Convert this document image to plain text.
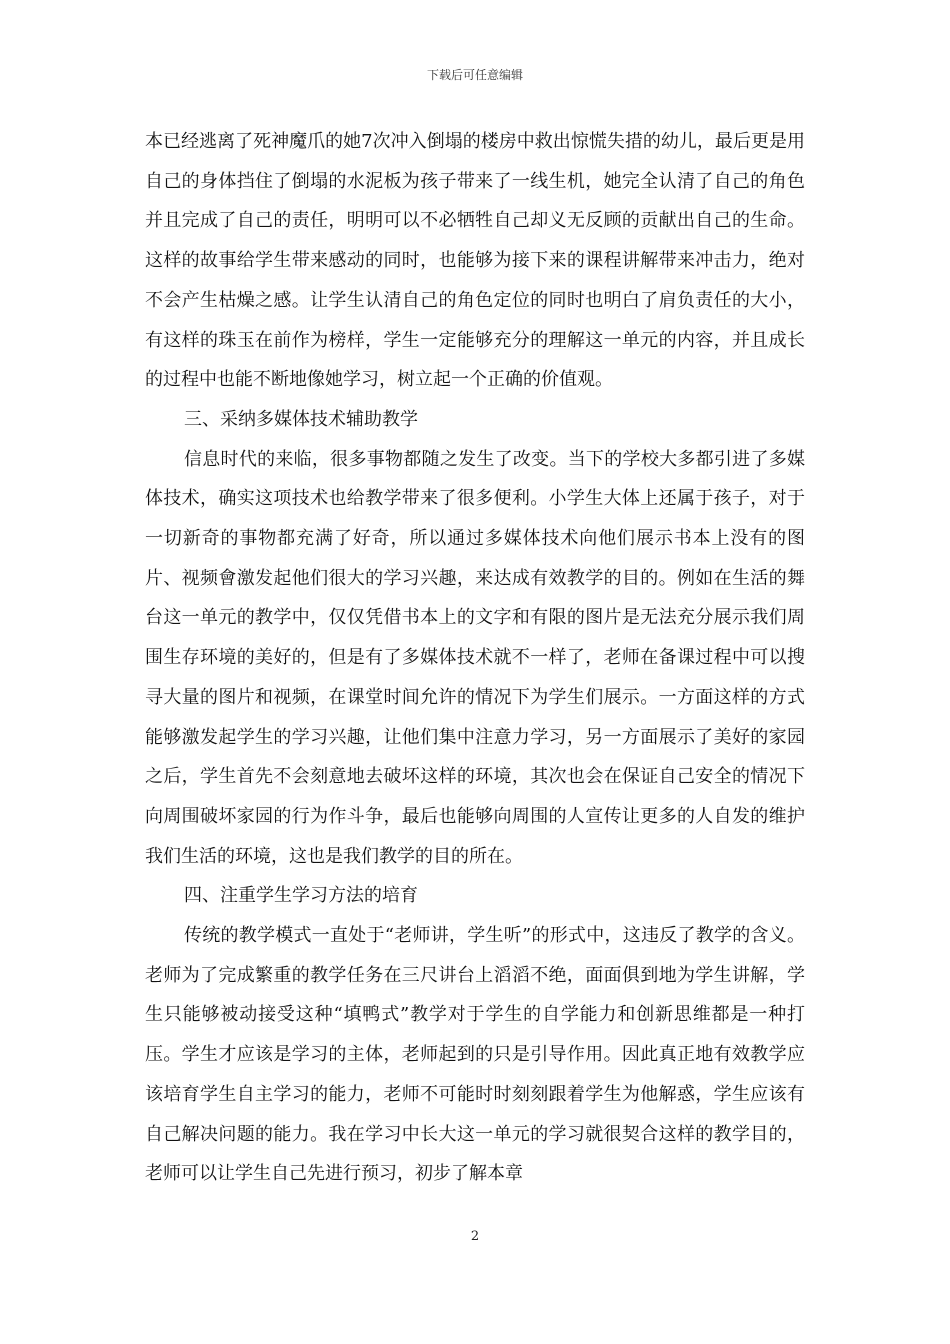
下载后可任意编辑

本已经逃离了死神魔爪的她7次冲入倒塌的楼房中救出惊慌失措的幼儿，最后更是用自己的身体挡住了倒塌的水泥板为孩子带来了一线生机，她完全认清了自己的角色并且完成了自己的责任，明明可以不必牺牲自己却义无反顾的贡献出自己的生命。这样的故事给学生带来感动的同时，也能够为接下来的课程讲解带来冲击力，绝对不会产生枯燥之感。让学生认清自己的角色定位的同时也明白了肩负责任的大小，有这样的珠玉在前作为榜样，学生一定能够充分的理解这一单元的内容，并且成长的过程中也能不断地像她学习，树立起一个正确的价值观。

三、采纳多媒体技术辅助教学

信息时代的来临，很多事物都随之发生了改变。当下的学校大多都引进了多媒体技术，确实这项技术也给教学带来了很多便利。小学生大体上还属于孩子，对于一切新奇的事物都充满了好奇，所以通过多媒体技术向他们展示书本上没有的图片、视频會激发起他们很大的学习兴趣，来达成有效教学的目的。例如在生活的舞台这一单元的教学中，仅仅凭借书本上的文字和有限的图片是无法充分展示我们周围生存环境的美好的，但是有了多媒体技术就不一样了，老师在备课过程中可以搜寻大量的图片和视频，在课堂时间允许的情况下为学生们展示。一方面这样的方式能够激发起学生的学习兴趣，让他们集中注意力学习，另一方面展示了美好的家园之后，学生首先不会刻意地去破坏这样的环境，其次也会在保证自己安全的情况下向周围破坏家园的行为作斗争，最后也能够向周围的人宣传让更多的人自发的维护我们生活的环境，这也是我们教学的目的所在。

四、注重学生学习方法的培育

传统的教学模式一直处于“老师讲，学生听”的形式中，这违反了教学的含义。老师为了完成繁重的教学任务在三尺讲台上滔滔不绝，面面俱到地为学生讲解，学生只能够被动接受这种“填鸭式”教学对于学生的自学能力和创新思维都是一种打压。学生才应该是学习的主体，老师起到的只是引导作用。因此真正地有效教学应该培育学生自主学习的能力，老师不可能时时刻刻跟着学生为他解惑，学生应该有自己解决问题的能力。我在学习中长大这一单元的学习就很契合这样的教学目的，老师可以让学生自己先进行预习，初步了解本章

2
